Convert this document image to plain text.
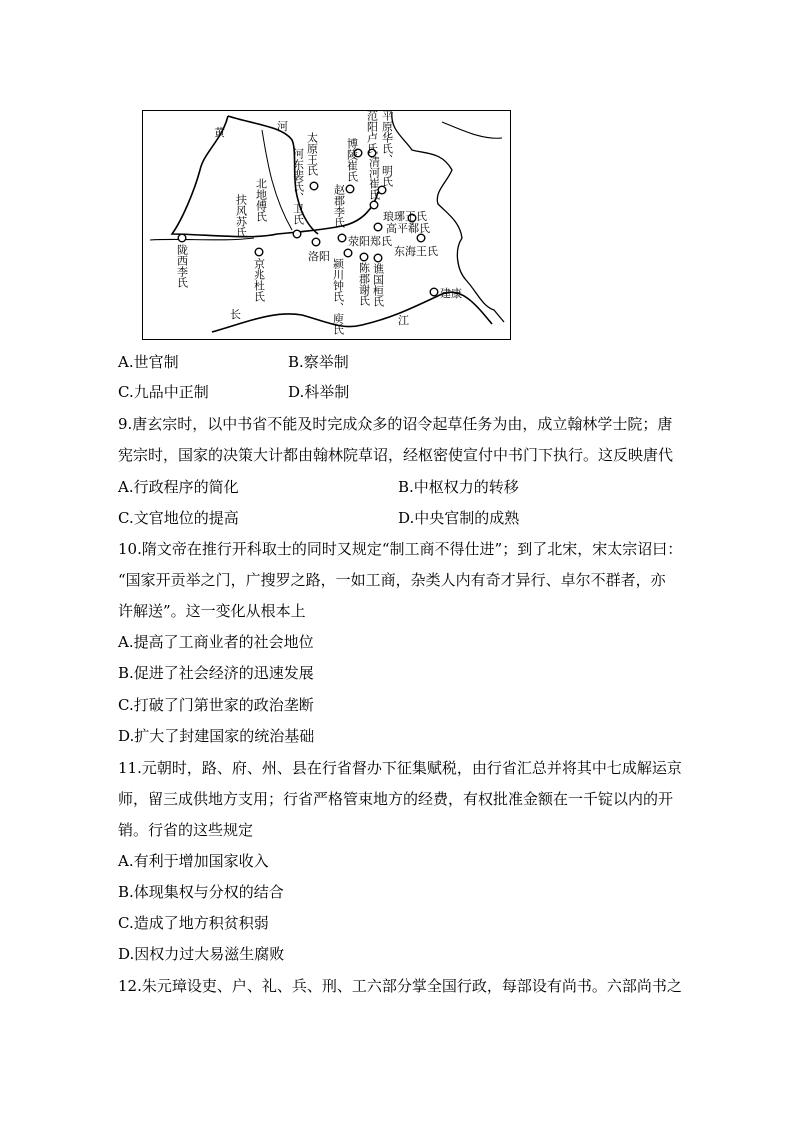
黄	河
琅琊王氏
高平郗氏
东海王氏
洛阳
荥阳郑氏
建康
长	江
太原王氏
河东裴氏、卫氏	博陵崔氏
范阳卢氏 平原华氏、明氏
清河崔氏
赵郡李氏
北地傅氏
扶风苏氏
京兆杜氏
陇西李氏	颍川钟氏、庾氏 陈郡谢氏 谯国桓氏
A.世官制	B.察举制
C.九品中正制	D.科举制
9.唐玄宗时，以中书省不能及时完成众多的诏令起草任务为由，成立翰林学士院；唐
宪宗时，国家的决策大计都由翰林院草诏，经枢密使宣付中书门下执行。这反映唐代
A.行政程序的简化	B.中枢权力的转移
C.文官地位的提高	D.中央官制的成熟
10.隋文帝在推行开科取士的同时又规定“制工商不得仕进”；到了北宋，宋太宗诏曰：
“国家开贡举之门，广搜罗之路，一如工商，杂类人内有奇才异行、卓尔不群者，亦
许解送”。这一变化从根本上
A.提高了工商业者的社会地位
B.促进了社会经济的迅速发展
C.打破了门第世家的政治垄断
D.扩大了封建国家的统治基础
11.元朝时，路、府、州、县在行省督办下征集赋税，由行省汇总并将其中七成解运京
师，留三成供地方支用；行省严格管束地方的经费，有权批准金额在一千锭以内的开
销。行省的这些规定
A.有利于增加国家收入
B.体现集权与分权的结合
C.造成了地方积贫积弱
D.因权力过大易滋生腐败
12.朱元璋设吏、户、礼、兵、刑、工六部分掌全国行政，每部设有尚书。六部尚书之
